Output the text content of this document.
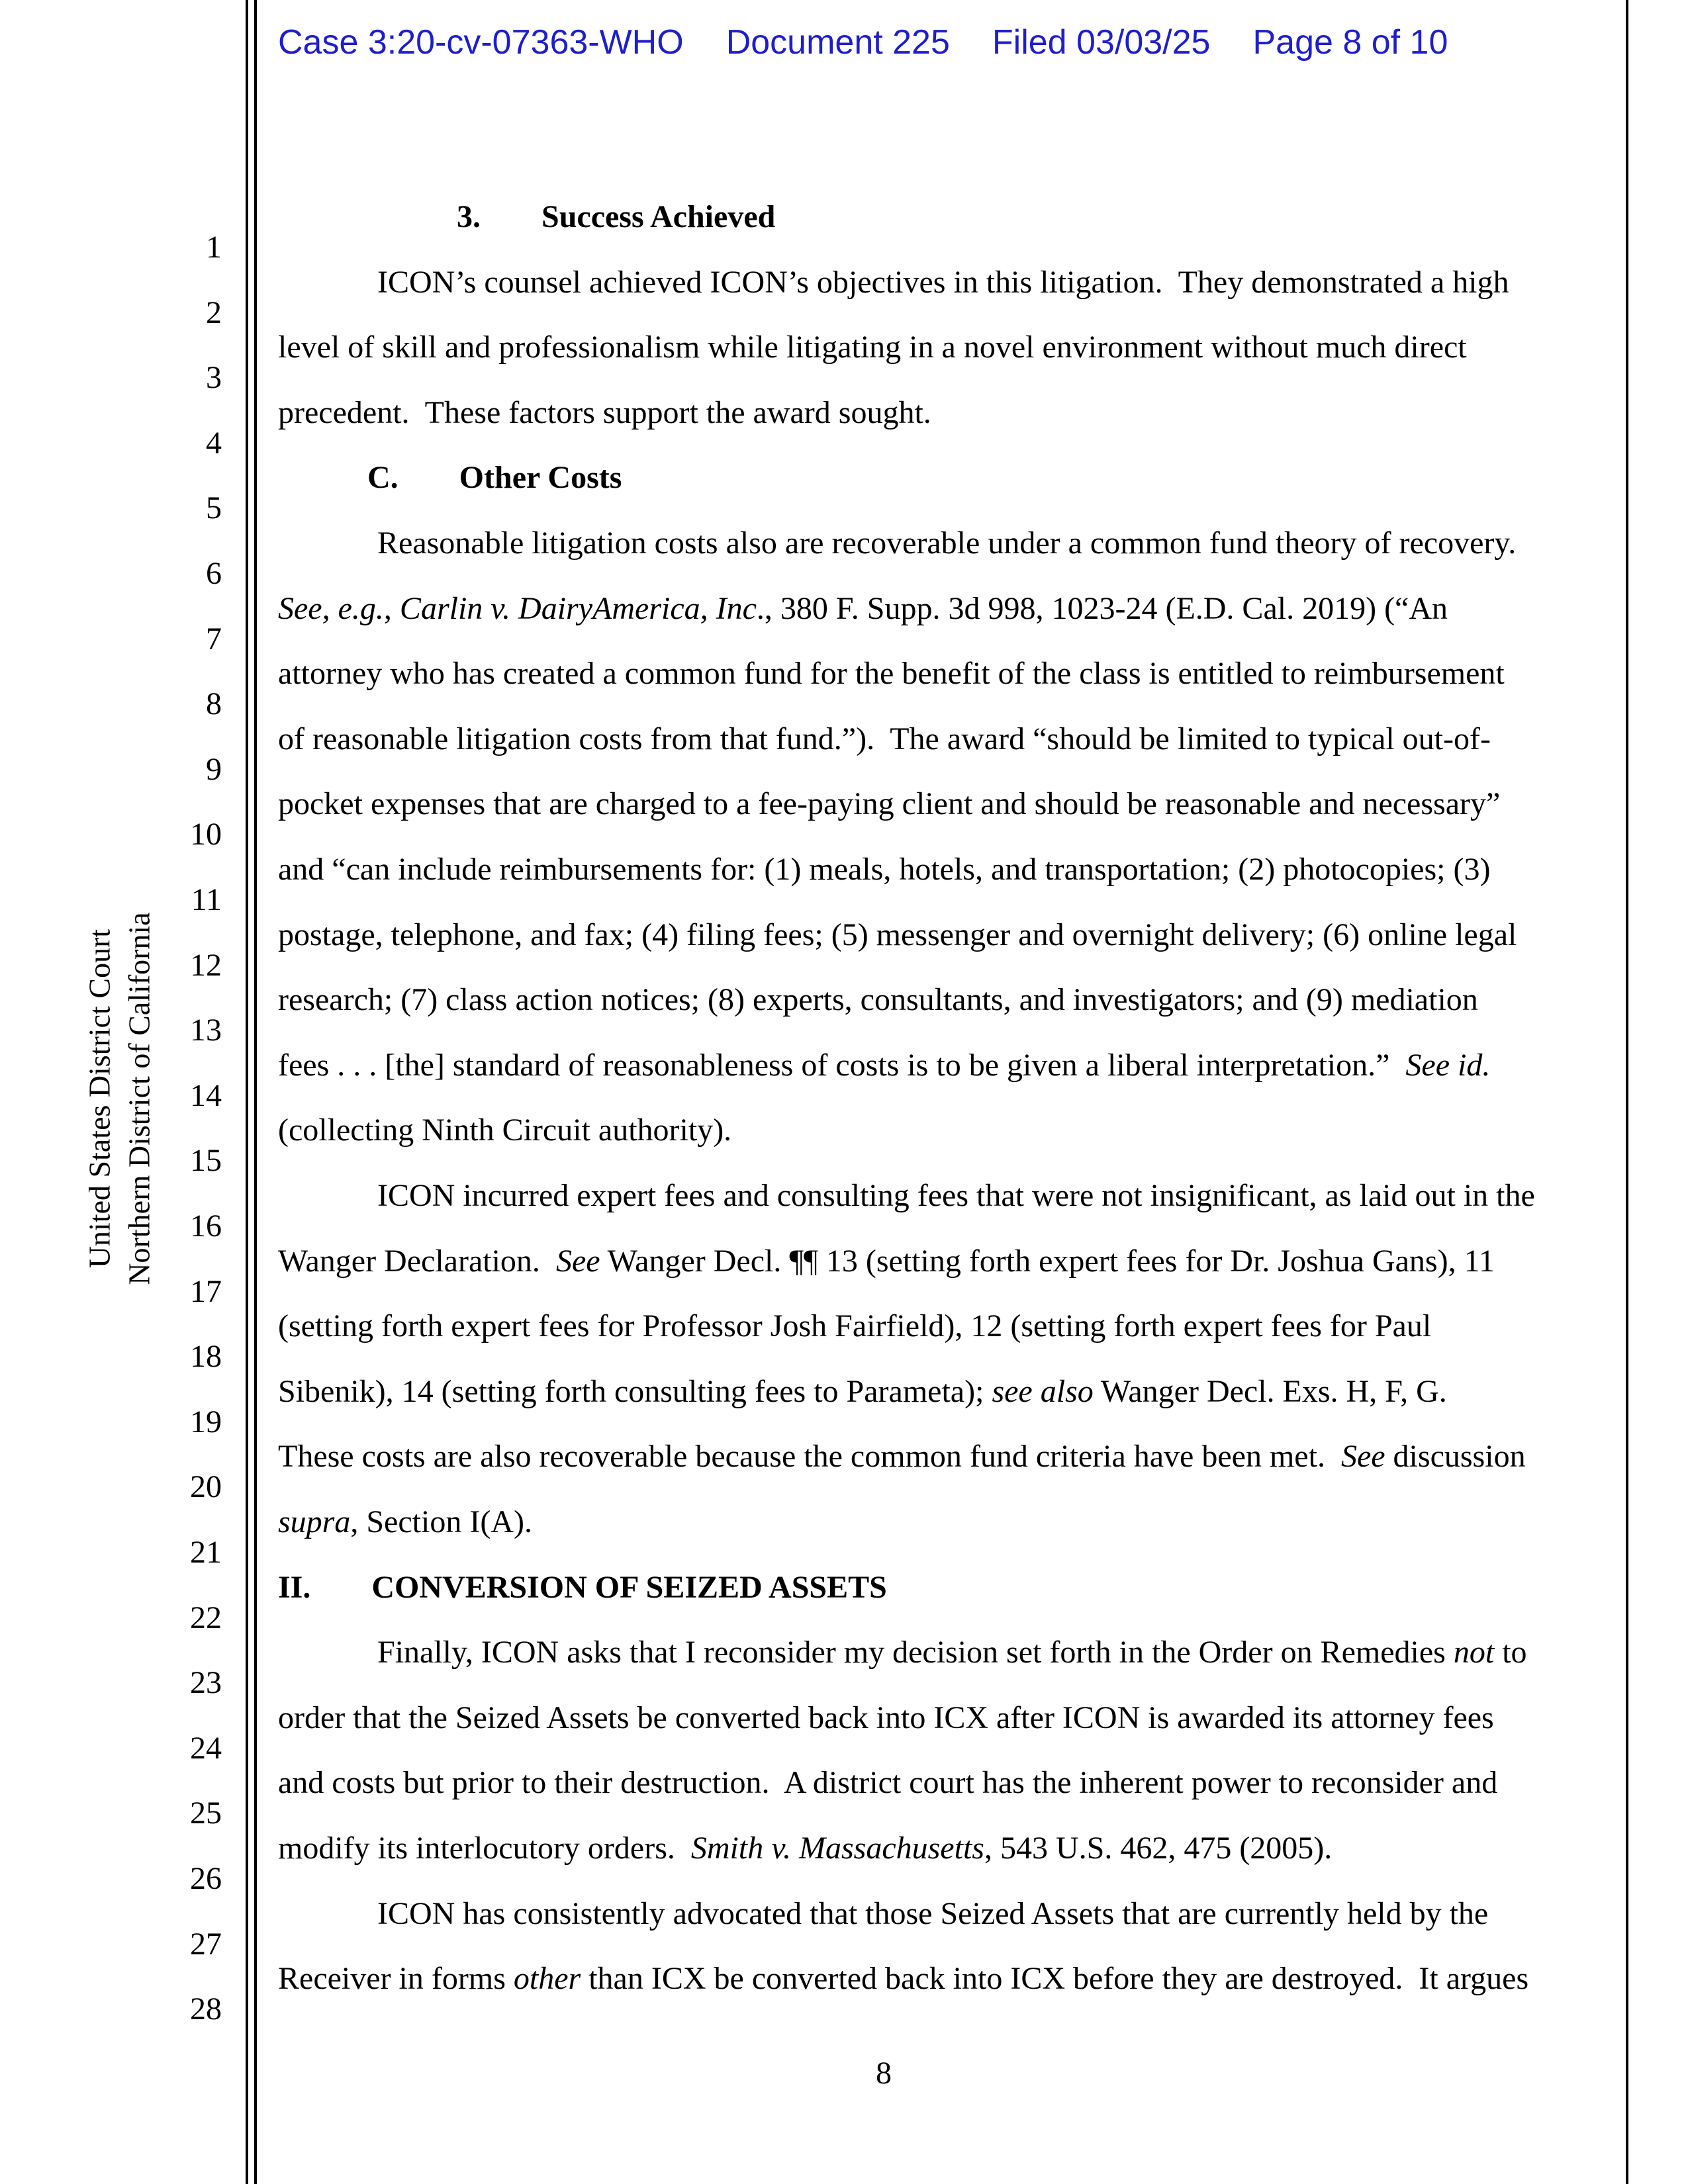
Case 3:20-cv-07363-WHO Document 225 Filed 03/03/25 Page 8 of 10
United States District Court Northern District of California
1
2
3
4
5
6
7
8
9
10
11
12
13
14
15
16
17
18
19
20
21
22
23
24
25
26
27
28
3. Success Achieved
ICON’s counsel achieved ICON’s objectives in this litigation.  They demonstrated a high
level of skill and professionalism while litigating in a novel environment without much direct
precedent.  These factors support the award sought.
C. Other Costs
Reasonable litigation costs also are recoverable under a common fund theory of recovery.
See, e.g., Carlin v. DairyAmerica, Inc., 380 F. Supp. 3d 998, 1023-24 (E.D. Cal. 2019) (“An
attorney who has created a common fund for the benefit of the class is entitled to reimbursement
of reasonable litigation costs from that fund.”).  The award “should be limited to typical out-of-
pocket expenses that are charged to a fee-paying client and should be reasonable and necessary”
and “can include reimbursements for: (1) meals, hotels, and transportation; (2) photocopies; (3)
postage, telephone, and fax; (4) filing fees; (5) messenger and overnight delivery; (6) online legal
research; (7) class action notices; (8) experts, consultants, and investigators; and (9) mediation
fees . . . [the] standard of reasonableness of costs is to be given a liberal interpretation.”  See id.
(collecting Ninth Circuit authority).
ICON incurred expert fees and consulting fees that were not insignificant, as laid out in the
Wanger Declaration.  See Wanger Decl. ¶¶ 13 (setting forth expert fees for Dr. Joshua Gans), 11
(setting forth expert fees for Professor Josh Fairfield), 12 (setting forth expert fees for Paul
Sibenik), 14 (setting forth consulting fees to Parameta); see also Wanger Decl. Exs. H, F, G.
These costs are also recoverable because the common fund criteria have been met.  See discussion
supra, Section I(A).
II. CONVERSION OF SEIZED ASSETS
Finally, ICON asks that I reconsider my decision set forth in the Order on Remedies not to
order that the Seized Assets be converted back into ICX after ICON is awarded its attorney fees
and costs but prior to their destruction.  A district court has the inherent power to reconsider and
modify its interlocutory orders.  Smith v. Massachusetts, 543 U.S. 462, 475 (2005).
ICON has consistently advocated that those Seized Assets that are currently held by the
Receiver in forms other than ICX be converted back into ICX before they are destroyed.  It argues
8
